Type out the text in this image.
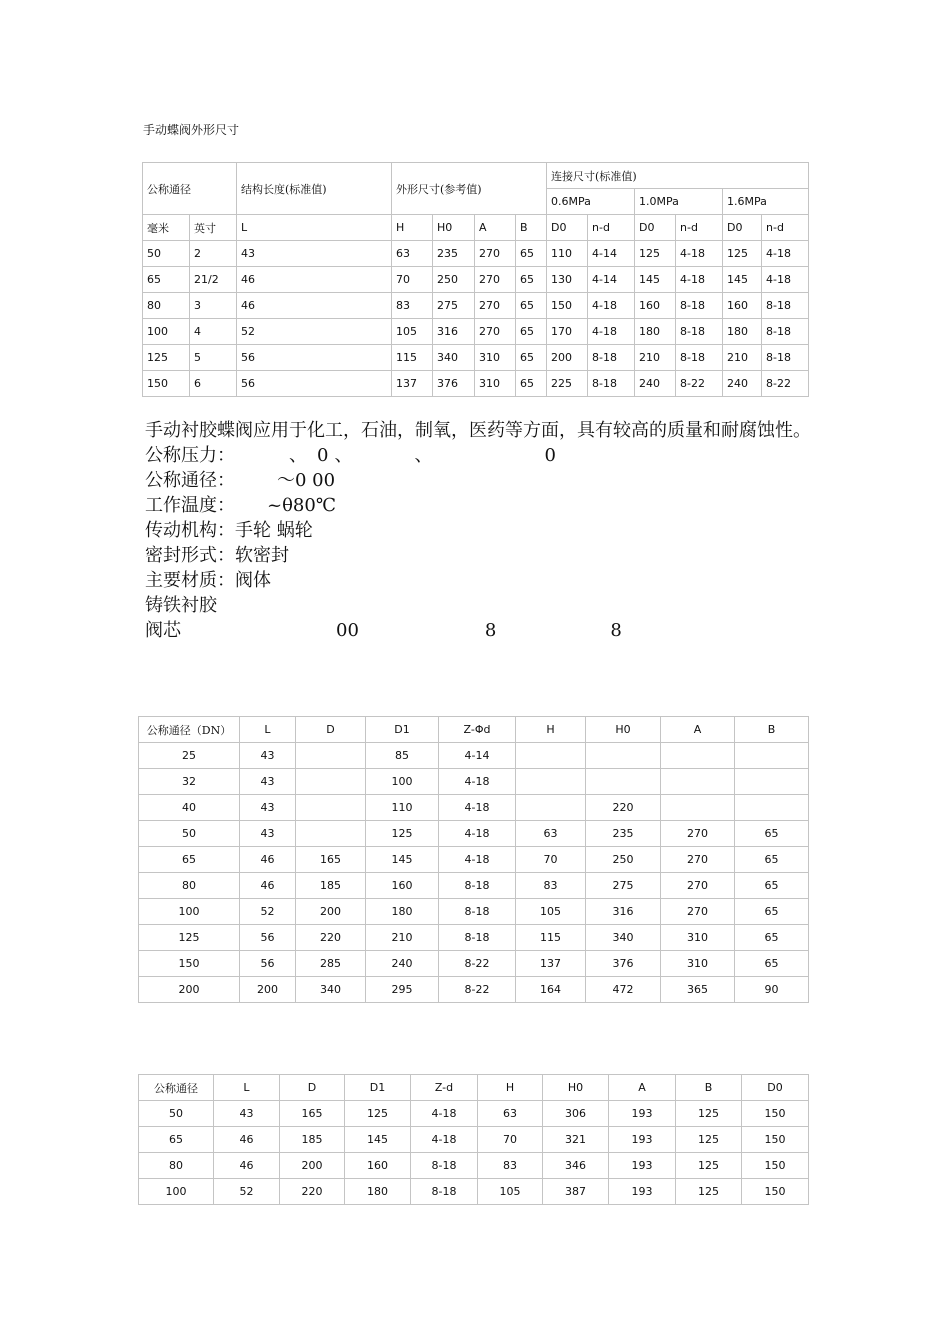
手动蝶阀外形尺寸
公称通径		结构长度(标准值)	外形尺寸(参考值)				连接尺寸(标准值)					
							0.6MPa		1.0MPa		1.6MPa	
毫米	英寸	L	H	H0	A	B	D0	n-d	D0	n-d	D0	n-d
50	2	43	63	235	270	65	110	4-14	125	4-18	125	4-18
65	21/2	46	70	250	270	65	130	4-14	145	4-18	145	4-18
80	3	46	83	275	270	65	150	4-18	160	8-18	160	8-18
100	4	52	105	316	270	65	170	4-18	180	8-18	180	8-18
125	5	56	115	340	310	65	200	8-18	210	8-18	210	8-18
150	6	56	137	376	310	65	225	8-18	240	8-22	240	8-22

手动衬胶蝶阀应用于化工，石油，制氧，医药等方面，具有较高的质量和耐腐蚀性。

公称压力：	、 0 、	、	0

公称通径： ～0 00

工作温度： ~θ80℃

传动机构：手轮 蜗轮

密封形式：软密封

主要材质：阀体

铸铁衬胶

阀芯	00	8	8

公称通径（DN）	L	D	D1	Z-Φd	H	H0	A	B
25	43		85	4-14				
32	43		100	4-18				
40	43		110	4-18		220		
50	43		125	4-18	63	235	270	65
65	46	165	145	4-18	70	250	270	65
80	46	185	160	8-18	83	275	270	65
100	52	200	180	8-18	105	316	270	65
125	56	220	210	8-18	115	340	310	65
150	56	285	240	8-22	137	376	310	65
200	200	340	295	8-22	164	472	365	90
公称通径	L	D	D1	Z-d	H	H0	A	B	D0
50	43	165	125	4-18	63	306	193	125	150
65	46	185	145	4-18	70	321	193	125	150
80	46	200	160	8-18	83	346	193	125	150
100	52	220	180	8-18	105	387	193	125	150
